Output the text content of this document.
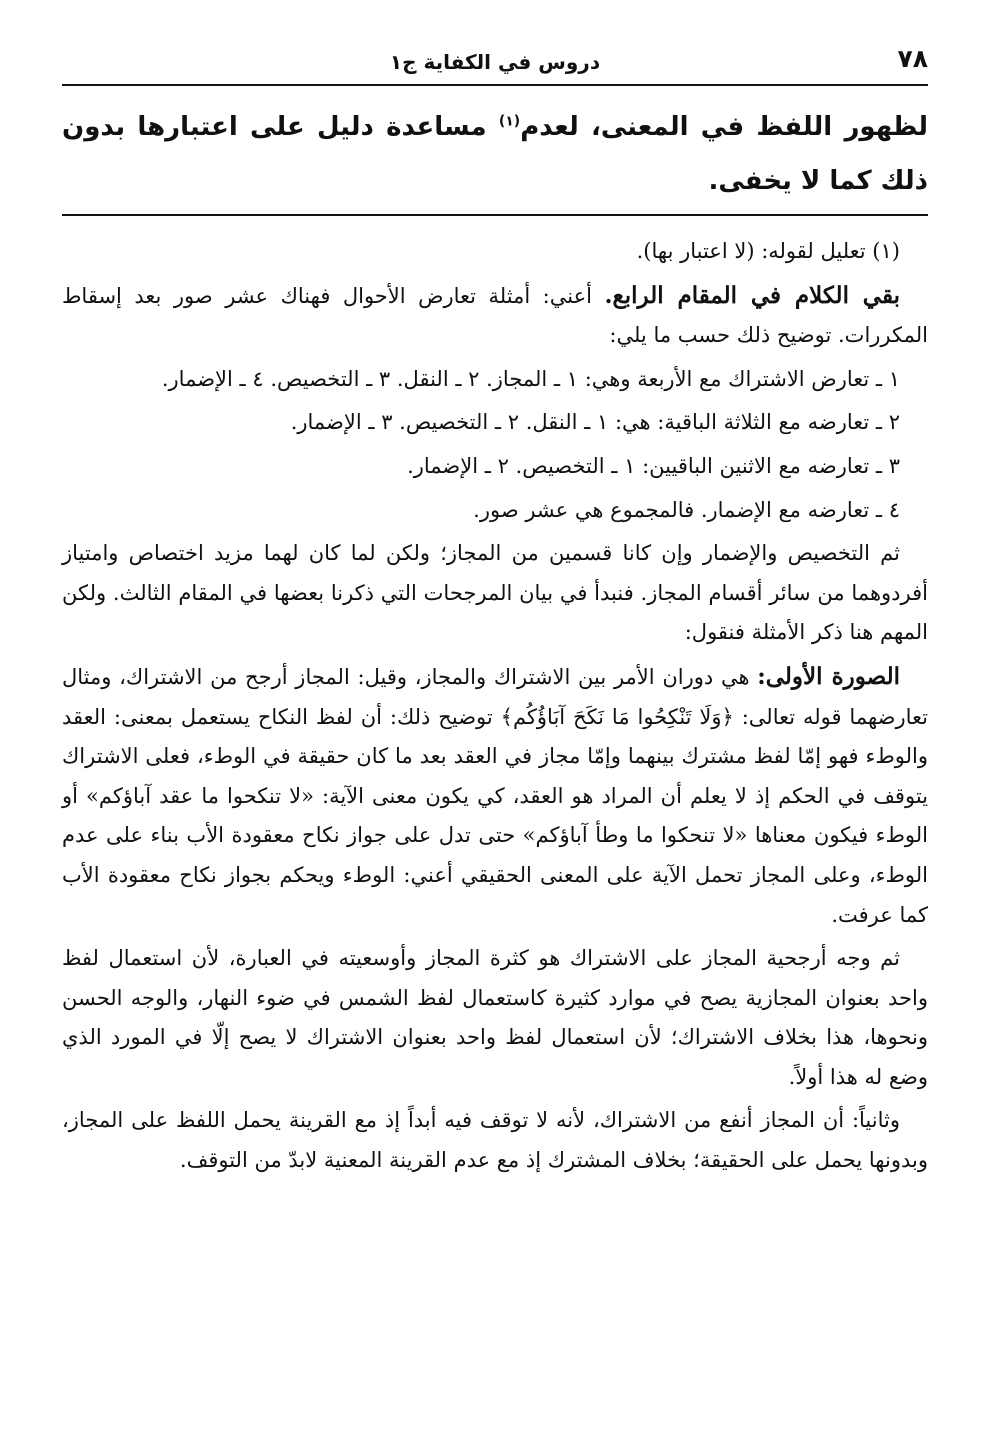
٧٨
دروس في الكفاية ج١

لظهور اللفظ في المعنى، لعدم$^{(١)}$ مساعدة دليل على اعتبارها بدون ذلك كما لا يخفى.

(١) تعليل لقوله: (لا اعتبار بها).

بقي الكلام في المقام الرابع. أعني: أمثلة تعارض الأحوال فهناك عشر صور بعد إسقاط المكررات. توضيح ذلك حسب ما يلي:

١ ـ تعارض الاشتراك مع الأربعة وهي: ١ ـ المجاز. ٢ ـ النقل. ٣ ـ التخصيص. ٤ ـ الإضمار.

٢ ـ تعارضه مع الثلاثة الباقية: هي: ١ ـ النقل. ٢ ـ التخصيص. ٣ ـ الإضمار.

٣ ـ تعارضه مع الاثنين الباقيين: ١ ـ التخصيص. ٢ ـ الإضمار.

٤ ـ تعارضه مع الإضمار. فالمجموع هي عشر صور.

ثم التخصيص والإضمار وإن كانا قسمين من المجاز؛ ولكن لما كان لهما مزيد اختصاص وامتياز أفردوهما من سائر أقسام المجاز. فنبدأ في بيان المرجحات التي ذكرنا بعضها في المقام الثالث. ولكن المهم هنا ذكر الأمثلة فنقول:

الصورة الأولى: هي دوران الأمر بين الاشتراك والمجاز، وقيل: المجاز أرجح من الاشتراك، ومثال تعارضهما قوله تعالى: ﴿وَلَا تَنْكِحُوا مَا نَكَحَ آبَاؤُكُم﴾ توضيح ذلك: أن لفظ النكاح يستعمل بمعنى: العقد والوطء فهو إمّا لفظ مشترك بينهما وإمّا مجاز في العقد بعد ما كان حقيقة في الوطء، فعلى الاشتراك يتوقف في الحكم إذ لا يعلم أن المراد هو العقد، كي يكون معنى الآية: «لا تنكحوا ما عقد آباؤكم» أو الوطء فيكون معناها «لا تنحكوا ما وطأ آباؤكم» حتى تدل على جواز نكاح معقودة الأب بناء على عدم الوطء، وعلى المجاز تحمل الآية على المعنى الحقيقي أعني: الوطء ويحكم بجواز نكاح معقودة الأب كما عرفت.

ثم وجه أرجحية المجاز على الاشتراك هو كثرة المجاز وأوسعيته في العبارة، لأن استعمال لفظ واحد بعنوان المجازية يصح في موارد كثيرة كاستعمال لفظ الشمس في ضوء النهار، والوجه الحسن ونحوها، هذا بخلاف الاشتراك؛ لأن استعمال لفظ واحد بعنوان الاشتراك لا يصح إلّا في المورد الذي وضع له هذا أولاً.

وثانياً: أن المجاز أنفع من الاشتراك، لأنه لا توقف فيه أبداً إذ مع القرينة يحمل اللفظ على المجاز، وبدونها يحمل على الحقيقة؛ بخلاف المشترك إذ مع عدم القرينة المعنية لابدّ من التوقف.
